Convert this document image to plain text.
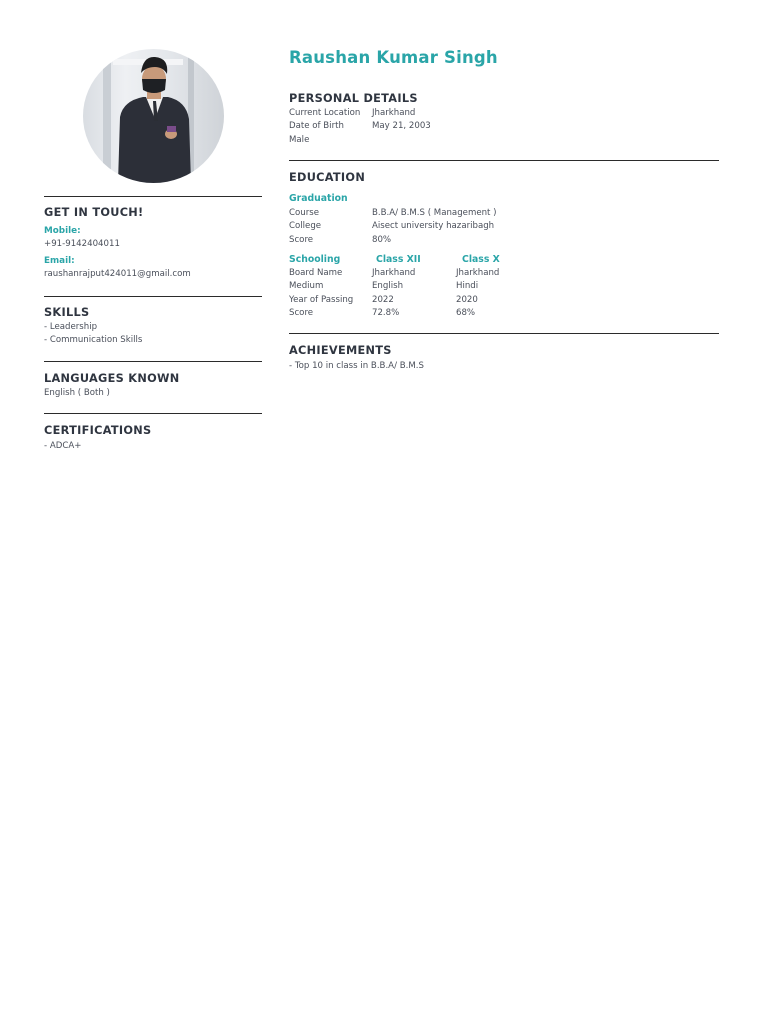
Raushan Kumar Singh
GET IN TOUCH!
Mobile:
+91-9142404011
Email:
raushanrajput424011@gmail.com
SKILLS
- Leadership
- Communication Skills
LANGUAGES KNOWN
English ( Both )
CERTIFICATIONS
- ADCA+
PERSONAL DETAILS
Current Location Jharkhand
Date of Birth	May 21, 2003
Male
EDUCATION
Graduation
Course	B.B.A/ B.M.S ( Management )
College	Aisect university hazaribagh
Score	80%
Schooling	Class XII	Class X
Board Name	Jharkhand	Jharkhand
Medium	English	Hindi
Year of Passing 2022	2020
Score	72.8%	68%
ACHIEVEMENTS
- Top 10 in class in B.B.A/ B.M.S
